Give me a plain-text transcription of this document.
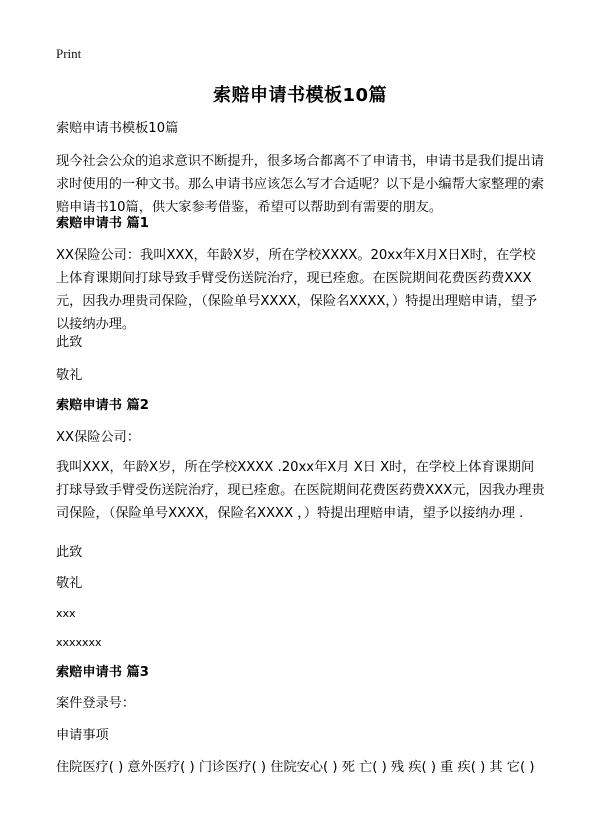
Print
索赔申请书模板10篇
索赔申请书模板10篇
现今社会公众的追求意识不断提升，很多场合都离不了申请书，申请书是我们提出请求时使用的一种文书。那么申请书应该怎么写才合适呢？以下是小编帮大家整理的索赔申请书10篇，供大家参考借鉴，希望可以帮助到有需要的朋友。
索赔申请书 篇1
XX保险公司：我叫XXX，年龄X岁，所在学校XXXX。20xx年X月X日X时，在学校上体育课期间打球导致手臂受伤送院治疗，现已痊愈。在医院期间花费医药费XXX元，因我办理贵司保险，（保险单号XXXX，保险名XXXX，）特提出理赔申请，望予以接纳办理。
此致
敬礼
索赔申请书 篇2
XX保险公司：
我叫XXX，年龄X岁，所在学校XXXX .20xx年X月 X日 X时，在学校上体育课期间打球导致手臂受伤送院治疗，现已痊愈。在医院期间花费医药费XXX元，因我办理贵司保险，（保险单号XXXX，保险名XXXX ，）特提出理赔申请，望予以接纳办理 .
此致
敬礼
xxx
xxxxxxx
索赔申请书 篇3
案件登录号：
申请事项
住院医疗( ) 意外医疗( ) 门诊医疗( ) 住院安心( ) 死 亡( ) 残 疾( ) 重 疾( ) 其 它( )
